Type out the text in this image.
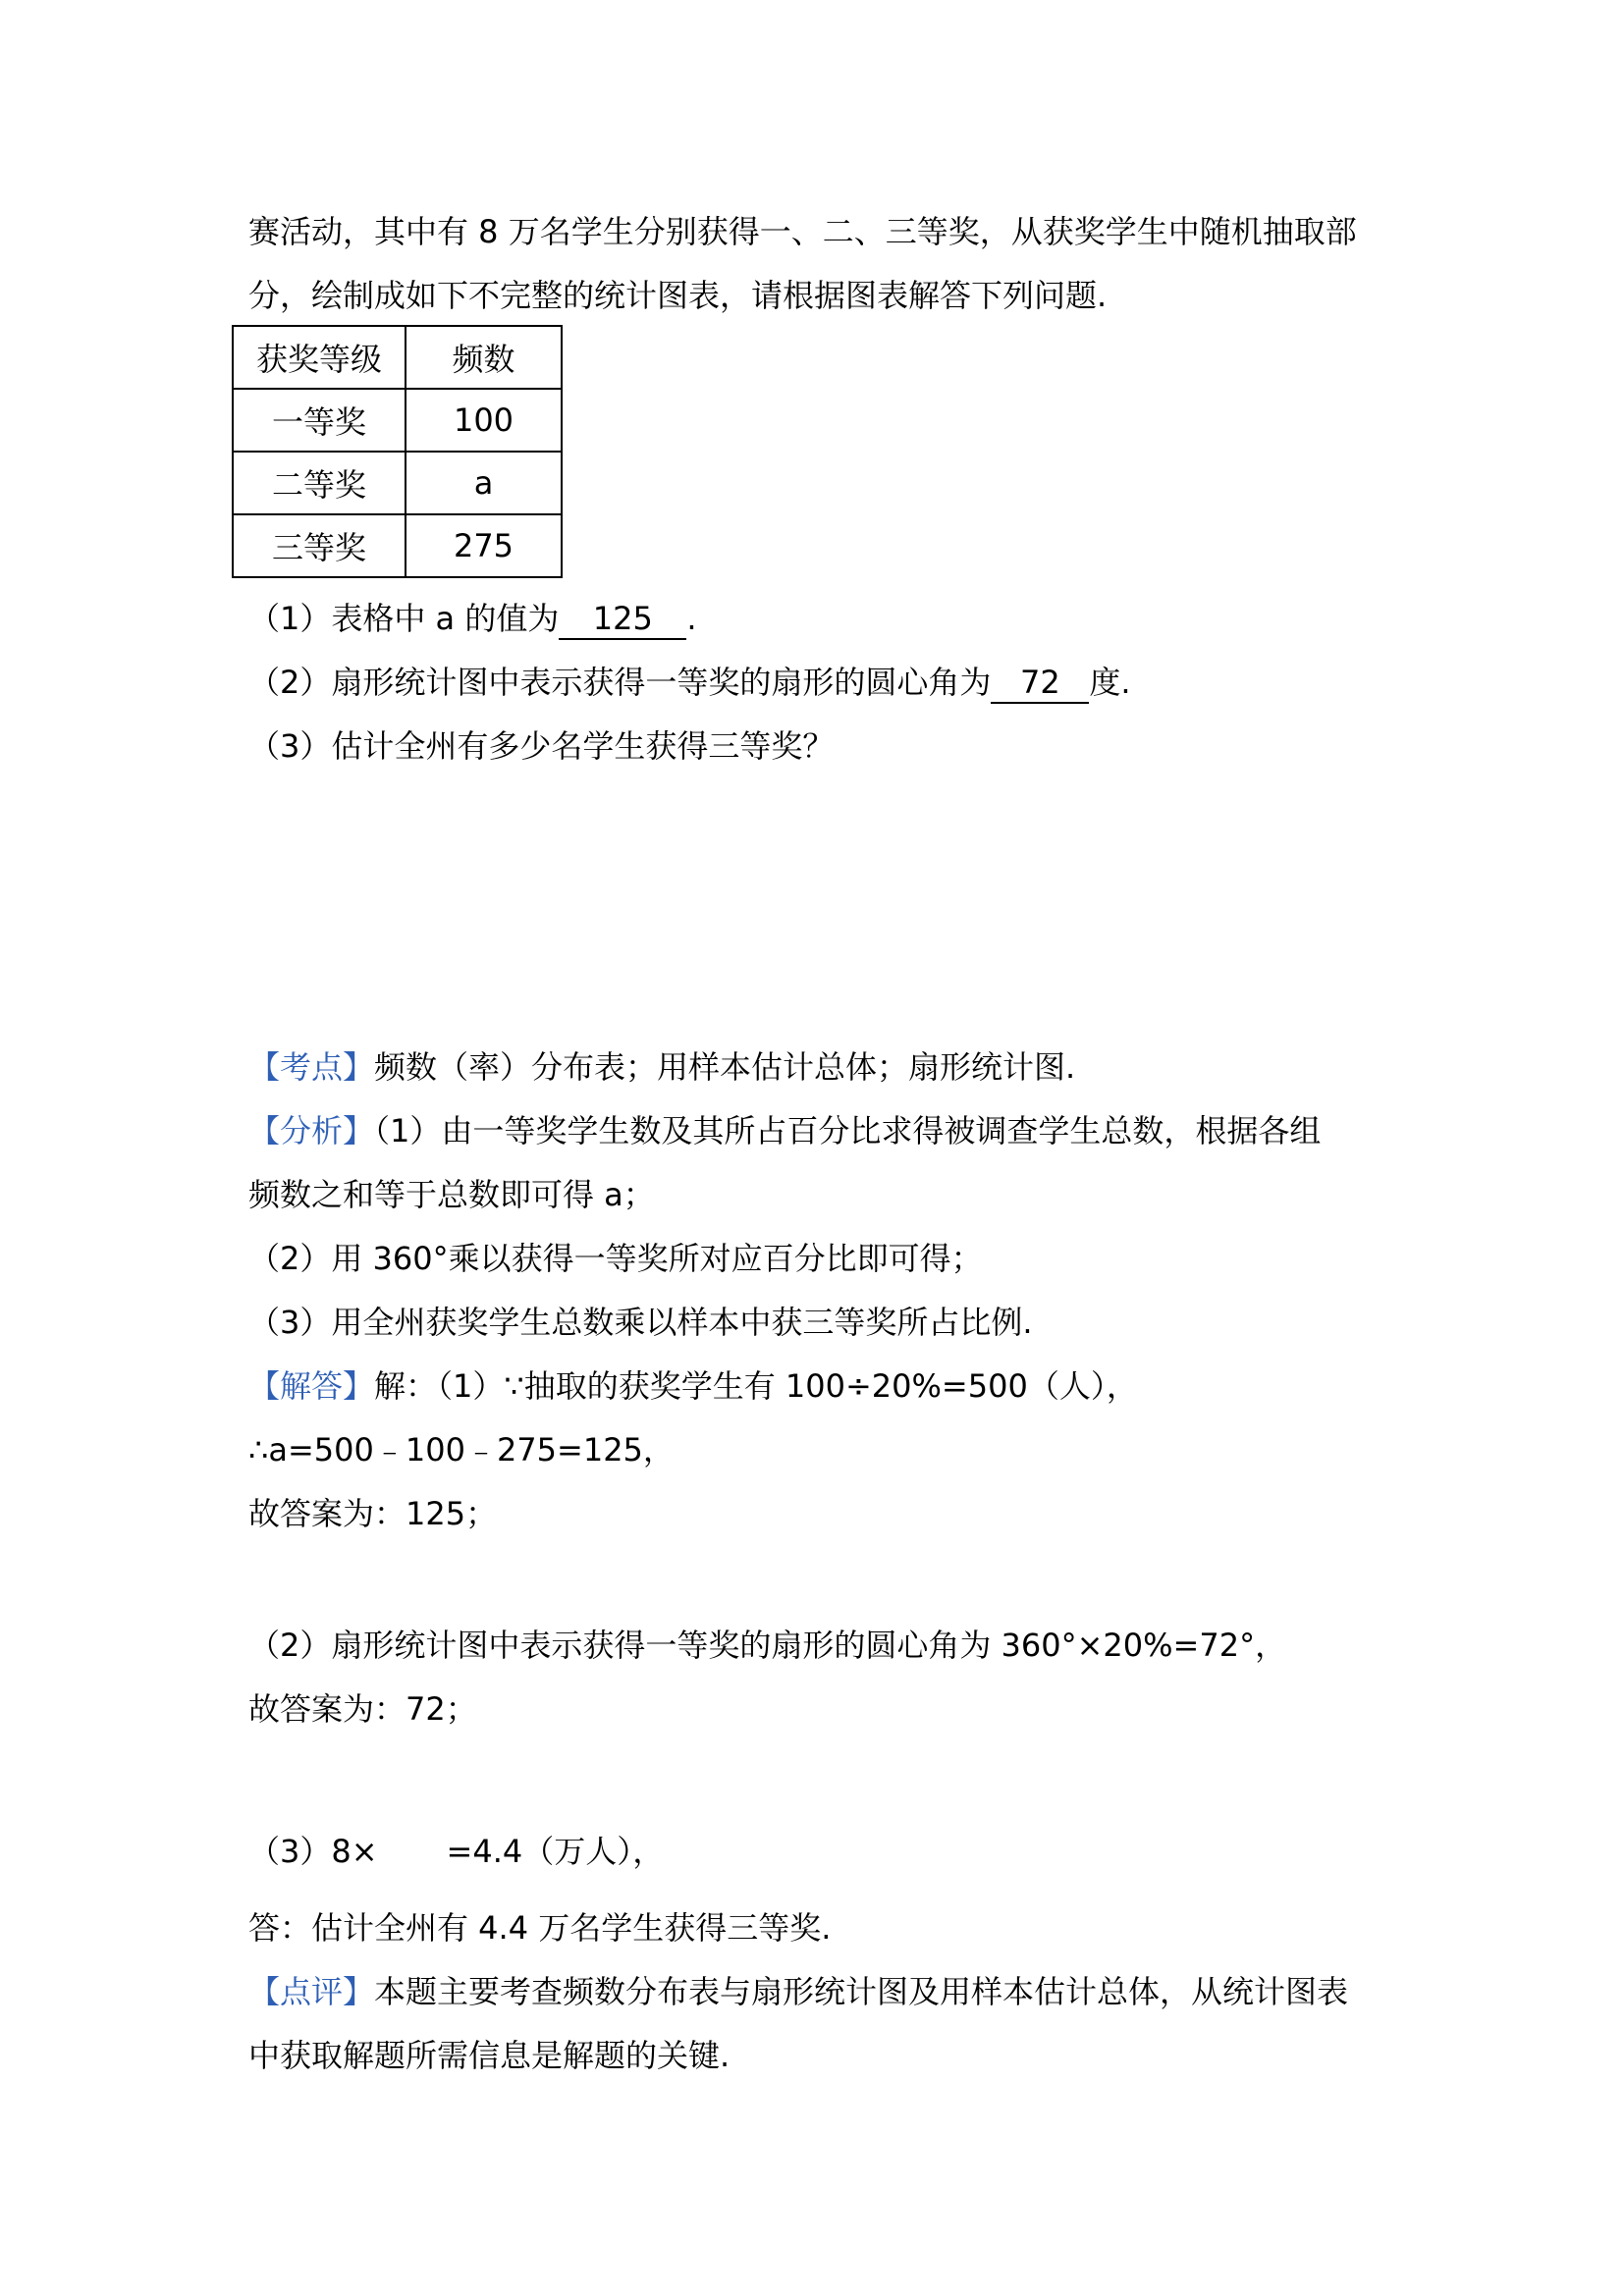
赛活动，其中有 8 万名学生分别获得一、二、三等奖，从获奖学生中随机抽取部
分，绘制成如下不完整的统计图表，请根据图表解答下列问题.
获奖等级	频数
一等奖	100
二等奖	a
三等奖	275
（1）表格中 a 的值为 125 .
（2）扇形统计图中表示获得一等奖的扇形的圆心角为 72 度.
（3）估计全州有多少名学生获得三等奖？
【考点】频数（率）分布表；用样本估计总体；扇形统计图.
【分析】（1）由一等奖学生数及其所占百分比求得被调查学生总数，根据各组
频数之和等于总数即可得 a；
（2）用 360°乘以获得一等奖所对应百分比即可得；
（3）用全州获奖学生总数乘以样本中获三等奖所占比例.
【解答】解：（1）∵抽取的获奖学生有 100÷20%=500（人），
∴a=500﹣100﹣275=125，
故答案为：125；
（2）扇形统计图中表示获得一等奖的扇形的圆心角为 360°×20%=72°，
故答案为：72；
（3）8× =4.4（万人），
答：估计全州有 4.4 万名学生获得三等奖.
【点评】本题主要考查频数分布表与扇形统计图及用样本估计总体，从统计图表
中获取解题所需信息是解题的关键.
